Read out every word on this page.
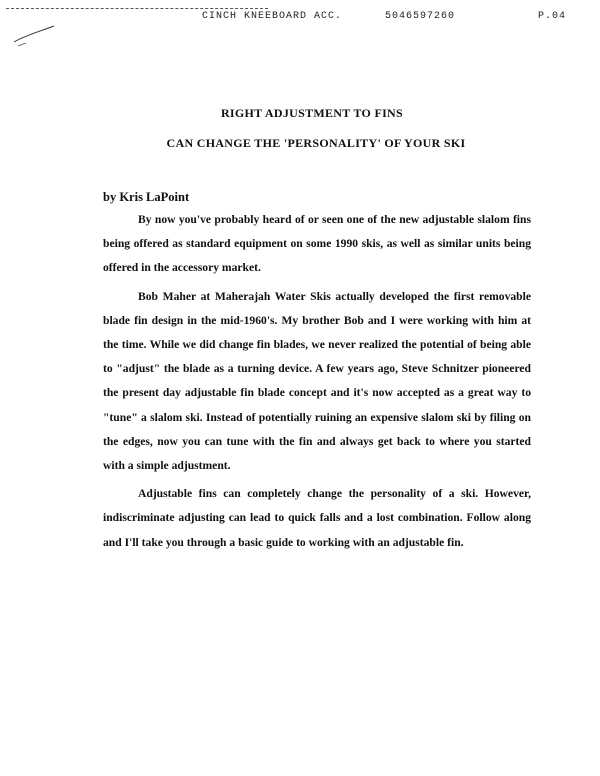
CINCH KNEEBOARD ACC.	5046597260	P.04
RIGHT ADJUSTMENT TO FINS
CAN CHANGE THE 'PERSONALITY' OF YOUR SKI
by Kris LaPoint

By now you've probably heard of or seen one of the new adjustable slalom fins being offered as standard equipment on some 1990 skis, as well as similar units being offered in the accessory market.

Bob Maher at Maherajah Water Skis actually developed the first removable blade fin design in the mid-1960's. My brother Bob and I were working with him at the time. While we did change fin blades, we never realized the potential of being able to "adjust" the blade as a turning device. A few years ago, Steve Schnitzer pioneered the present day adjustable fin blade concept and it's now accepted as a great way to "tune" a slalom ski. Instead of potentially ruining an expensive slalom ski by filing on the edges, now you can tune with the fin and always get back to where you started with a simple adjustment.

Adjustable fins can completely change the personality of a ski. However, indiscriminate adjusting can lead to quick falls and a lost combination. Follow along and I'll take you through a basic guide to working with an adjustable fin.
